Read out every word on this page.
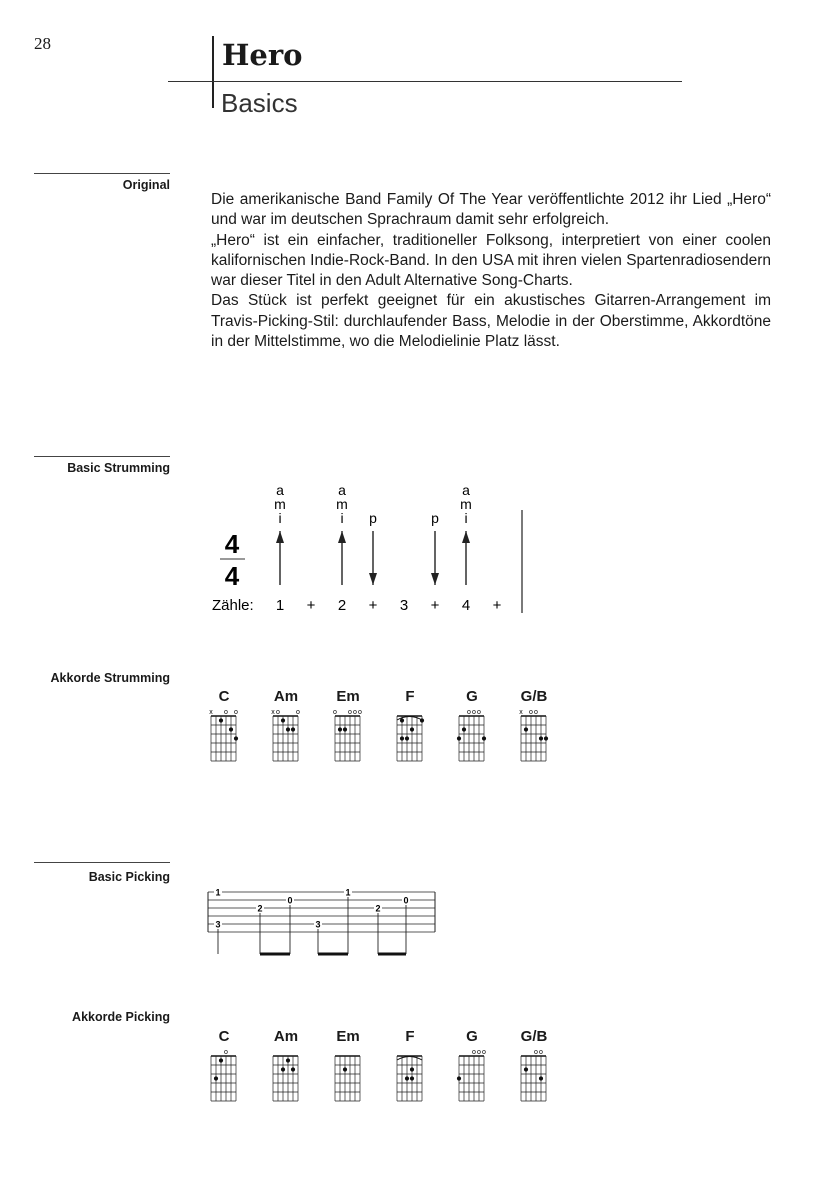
28	Hero
Basics
Original

Die amerikanische Band Family Of The Year veröffentlichte 2012 ihr Lied „Hero“ und war im deutschen Sprachraum damit sehr erfolgreich.

„Hero“ ist ein einfacher, traditioneller Folksong, interpretiert von einer coolen kalifornischen Indie-Rock-Band. In den USA mit ihren vielen Spartenradiosendern war dieser Titel in den Adult Alternative Song-Charts.

Das Stück ist perfekt geeignet für ein akustisches Gitarren-Arrangement im Travis-Picking-Stil: durchlaufender Bass, Melodie in der Oberstimme, Akkordtöne in der Mittelstimme, wo die Melodielinie Platz lässt.

Basic Strumming
4
4
a
m
i
a
m
i p	p
a
m
i
Zähle: 1 + 2 + 3 + 4 +
Akkorde Strumming
C
x o o
Am
x o o
Em
o o o o
F	G
o o o
G/B
x o o
Basic Picking
3
2
0
3
1
2
0
1
Akkorde Picking
C
o
Am	Em	F	G
o o o
G/B
o o
